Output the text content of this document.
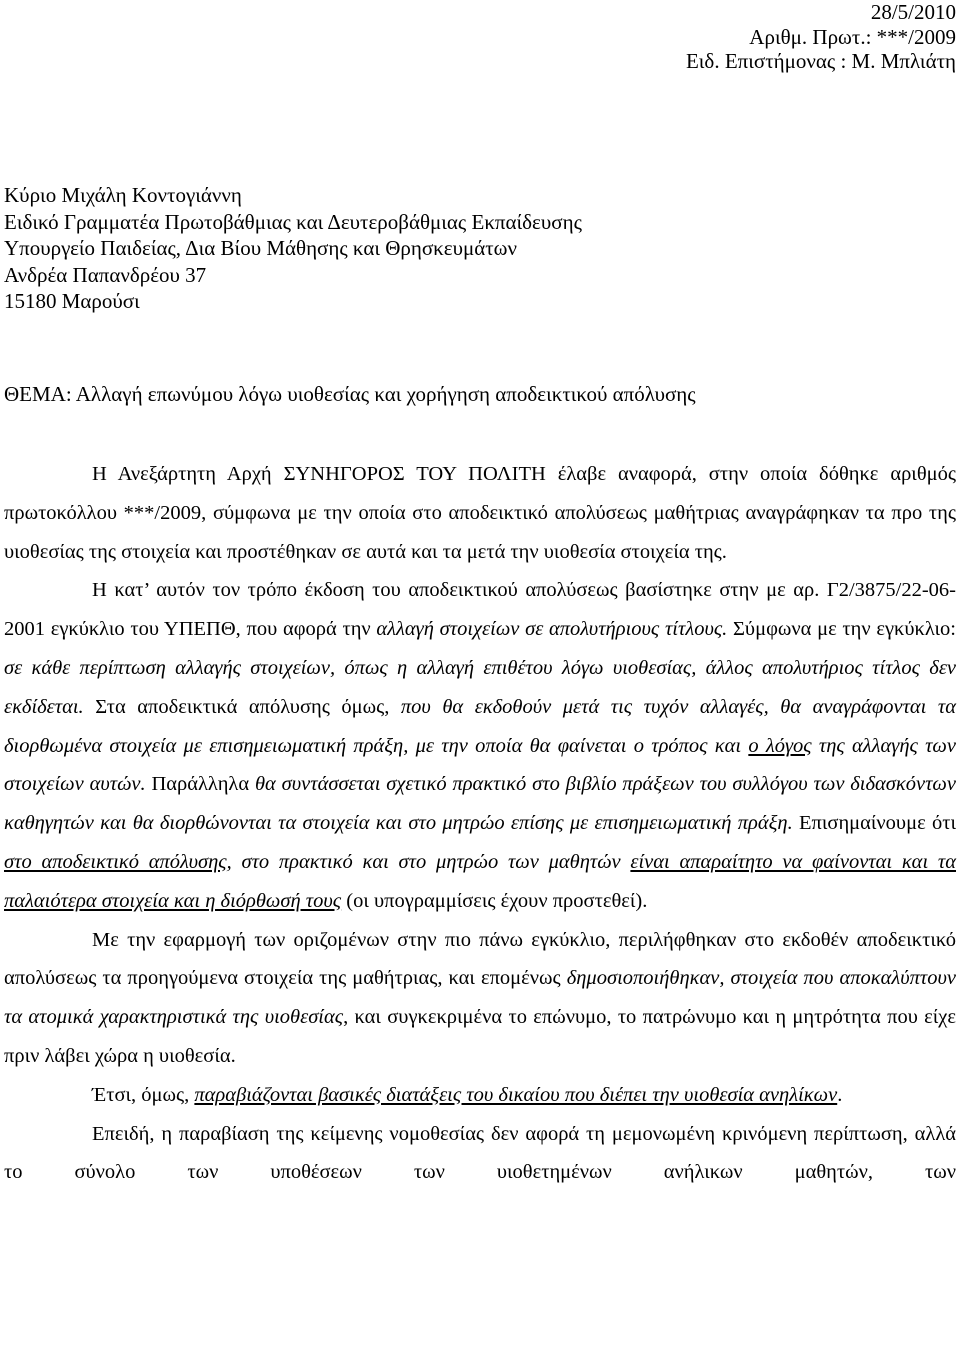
28/5/2010
Αριθμ. Πρωτ.: ***/2009
Ειδ. Επιστήμονας : Μ. Μπλιάτη
Κύριο Μιχάλη Κοντογιάννη
Ειδικό Γραμματέα Πρωτοβάθμιας και Δευτεροβάθμιας Εκπαίδευσης
Υπουργείο Παιδείας, Δια Βίου Μάθησης και Θρησκευμάτων
Ανδρέα Παπανδρέου 37
15180 Μαρούσι
ΘΕΜΑ: Αλλαγή επωνύμου λόγω υιοθεσίας και χορήγηση αποδεικτικού απόλυσης

Η Ανεξάρτητη Αρχή ΣΥΝΗΓΟΡΟΣ ΤΟΥ ΠΟΛΙΤΗ έλαβε αναφορά, στην οποία δόθηκε αριθμός πρωτοκόλλου ***/2009, σύμφωνα με την οποία στο αποδεικτικό απολύσεως μαθήτριας αναγράφηκαν τα προ της υιοθεσίας της στοιχεία και προστέθηκαν σε αυτά και τα μετά την υιοθεσία στοιχεία της.

Η κατ’ αυτόν τον τρόπο έκδοση του αποδεικτικού απολύσεως βασίστηκε στην με αρ. Γ2/3875/22-06-2001 εγκύκλιο του ΥΠΕΠΘ, που αφορά την αλλαγή στοιχείων σε απολυτήριους τίτλους. Σύμφωνα με την εγκύκλιο: σε κάθε περίπτωση αλλαγής στοιχείων, όπως η αλλαγή επιθέτου λόγω υιοθεσίας, άλλος απολυτήριος τίτλος δεν εκδίδεται. Στα αποδεικτικά απόλυσης όμως, που θα εκδοθούν μετά τις τυχόν αλλαγές, θα αναγράφονται τα διορθωμένα στοιχεία με επισημειωματική πράξη, με την οποία θα φαίνεται ο τρόπος και ο λόγος της αλλαγής των στοιχείων αυτών. Παράλληλα θα συντάσσεται σχετικό πρακτικό στο βιβλίο πράξεων του συλλόγου των διδασκόντων καθηγητών και θα διορθώνονται τα στοιχεία και στο μητρώο επίσης με επισημειωματική πράξη. Επισημαίνουμε ότι στο αποδεικτικό απόλυσης, στο πρακτικό και στο μητρώο των μαθητών είναι απαραίτητο να φαίνονται και τα παλαιότερα στοιχεία και η διόρθωσή τους (οι υπογραμμίσεις έχουν προστεθεί).

Με την εφαρμογή των οριζομένων στην πιο πάνω εγκύκλιο, περιλήφθηκαν στο εκδοθέν αποδεικτικό απολύσεως τα προηγούμενα στοιχεία της μαθήτριας, και επομένως δημοσιοποιήθηκαν, στοιχεία που αποκαλύπτουν τα ατομικά χαρακτηριστικά της υιοθεσίας, και συγκεκριμένα το επώνυμο, το πατρώνυμο και η μητρότητα που είχε πριν λάβει χώρα η υιοθεσία.

Έτσι, όμως, παραβιάζονται βασικές διατάξεις του δικαίου που διέπει την υιοθεσία ανηλίκων.

Επειδή, η παραβίαση της κείμενης νομοθεσίας δεν αφορά τη μεμονωμένη κρινόμενη περίπτωση, αλλά το σύνολο των υποθέσεων των υιοθετημένων ανήλικων μαθητών, των
